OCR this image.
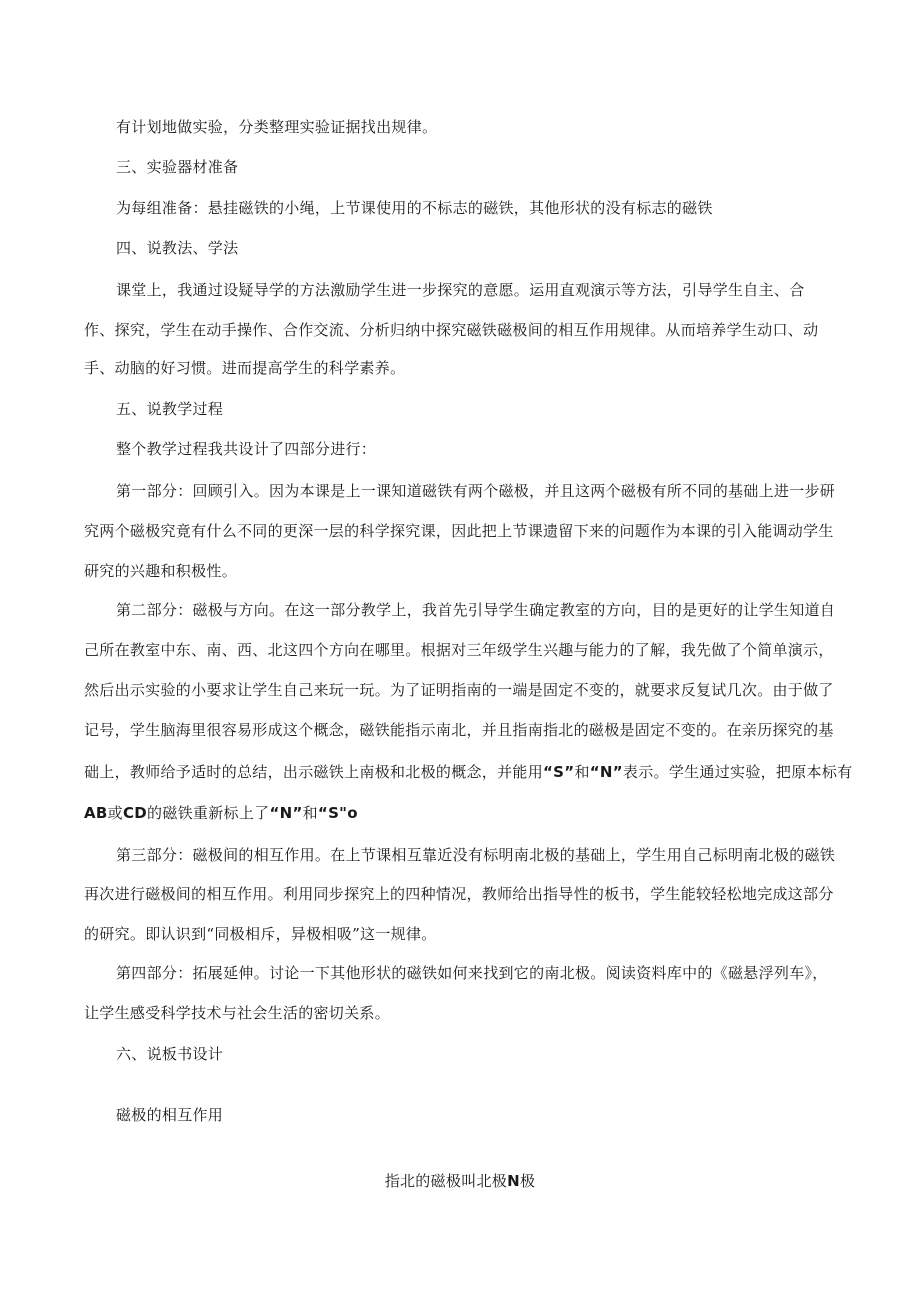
有计划地做实验，分类整理实验证据找出规律。
三、实验器材准备
为每组准备：悬挂磁铁的小绳，上节课使用的不标志的磁铁，其他形状的没有标志的磁铁
四、说教法、学法
课堂上，我通过设疑导学的方法激励学生进一步探究的意愿。运用直观演示等方法，引导学生自主、合
作、探究，学生在动手操作、合作交流、分析归纳中探究磁铁磁极间的相互作用规律。从而培养学生动口、动
手、动脑的好习惯。进而提高学生的科学素养。
五、说教学过程
整个教学过程我共设计了四部分进行：
第一部分：回顾引入。因为本课是上一课知道磁铁有两个磁极，并且这两个磁极有所不同的基础上进一步研
究两个磁极究竟有什么不同的更深一层的科学探究课，因此把上节课遗留下来的问题作为本课的引入能调动学生
研究的兴趣和积极性。
第二部分：磁极与方向。在这一部分教学上，我首先引导学生确定教室的方向，目的是更好的让学生知道自
己所在教室中东、南、西、北这四个方向在哪里。根据对三年级学生兴趣与能力的了解，我先做了个简单演示，
然后出示实验的小要求让学生自己来玩一玩。为了证明指南的一端是固定不变的，就要求反复试几次。由于做了
记号，学生脑海里很容易形成这个概念，磁铁能指示南北，并且指南指北的磁极是固定不变的。在亲历探究的基
础上，教师给予适时的总结，出示磁铁上南极和北极的概念，并能用“S”和“N”表示。学生通过实验，把原本标有
AB或CD的磁铁重新标上了“N”和“S"o
第三部分：磁极间的相互作用。在上节课相互靠近没有标明南北极的基础上，学生用自己标明南北极的磁铁
再次进行磁极间的相互作用。利用同步探究上的四种情况，教师给出指导性的板书，学生能较轻松地完成这部分
的研究。即认识到“同极相斥，异极相吸”这一规律。
第四部分：拓展延伸。讨论一下其他形状的磁铁如何来找到它的南北极。阅读资料库中的《磁悬浮列车》，
让学生感受科学技术与社会生活的密切关系。
六、说板书设计
磁极的相互作用
指北的磁极叫北极N极
